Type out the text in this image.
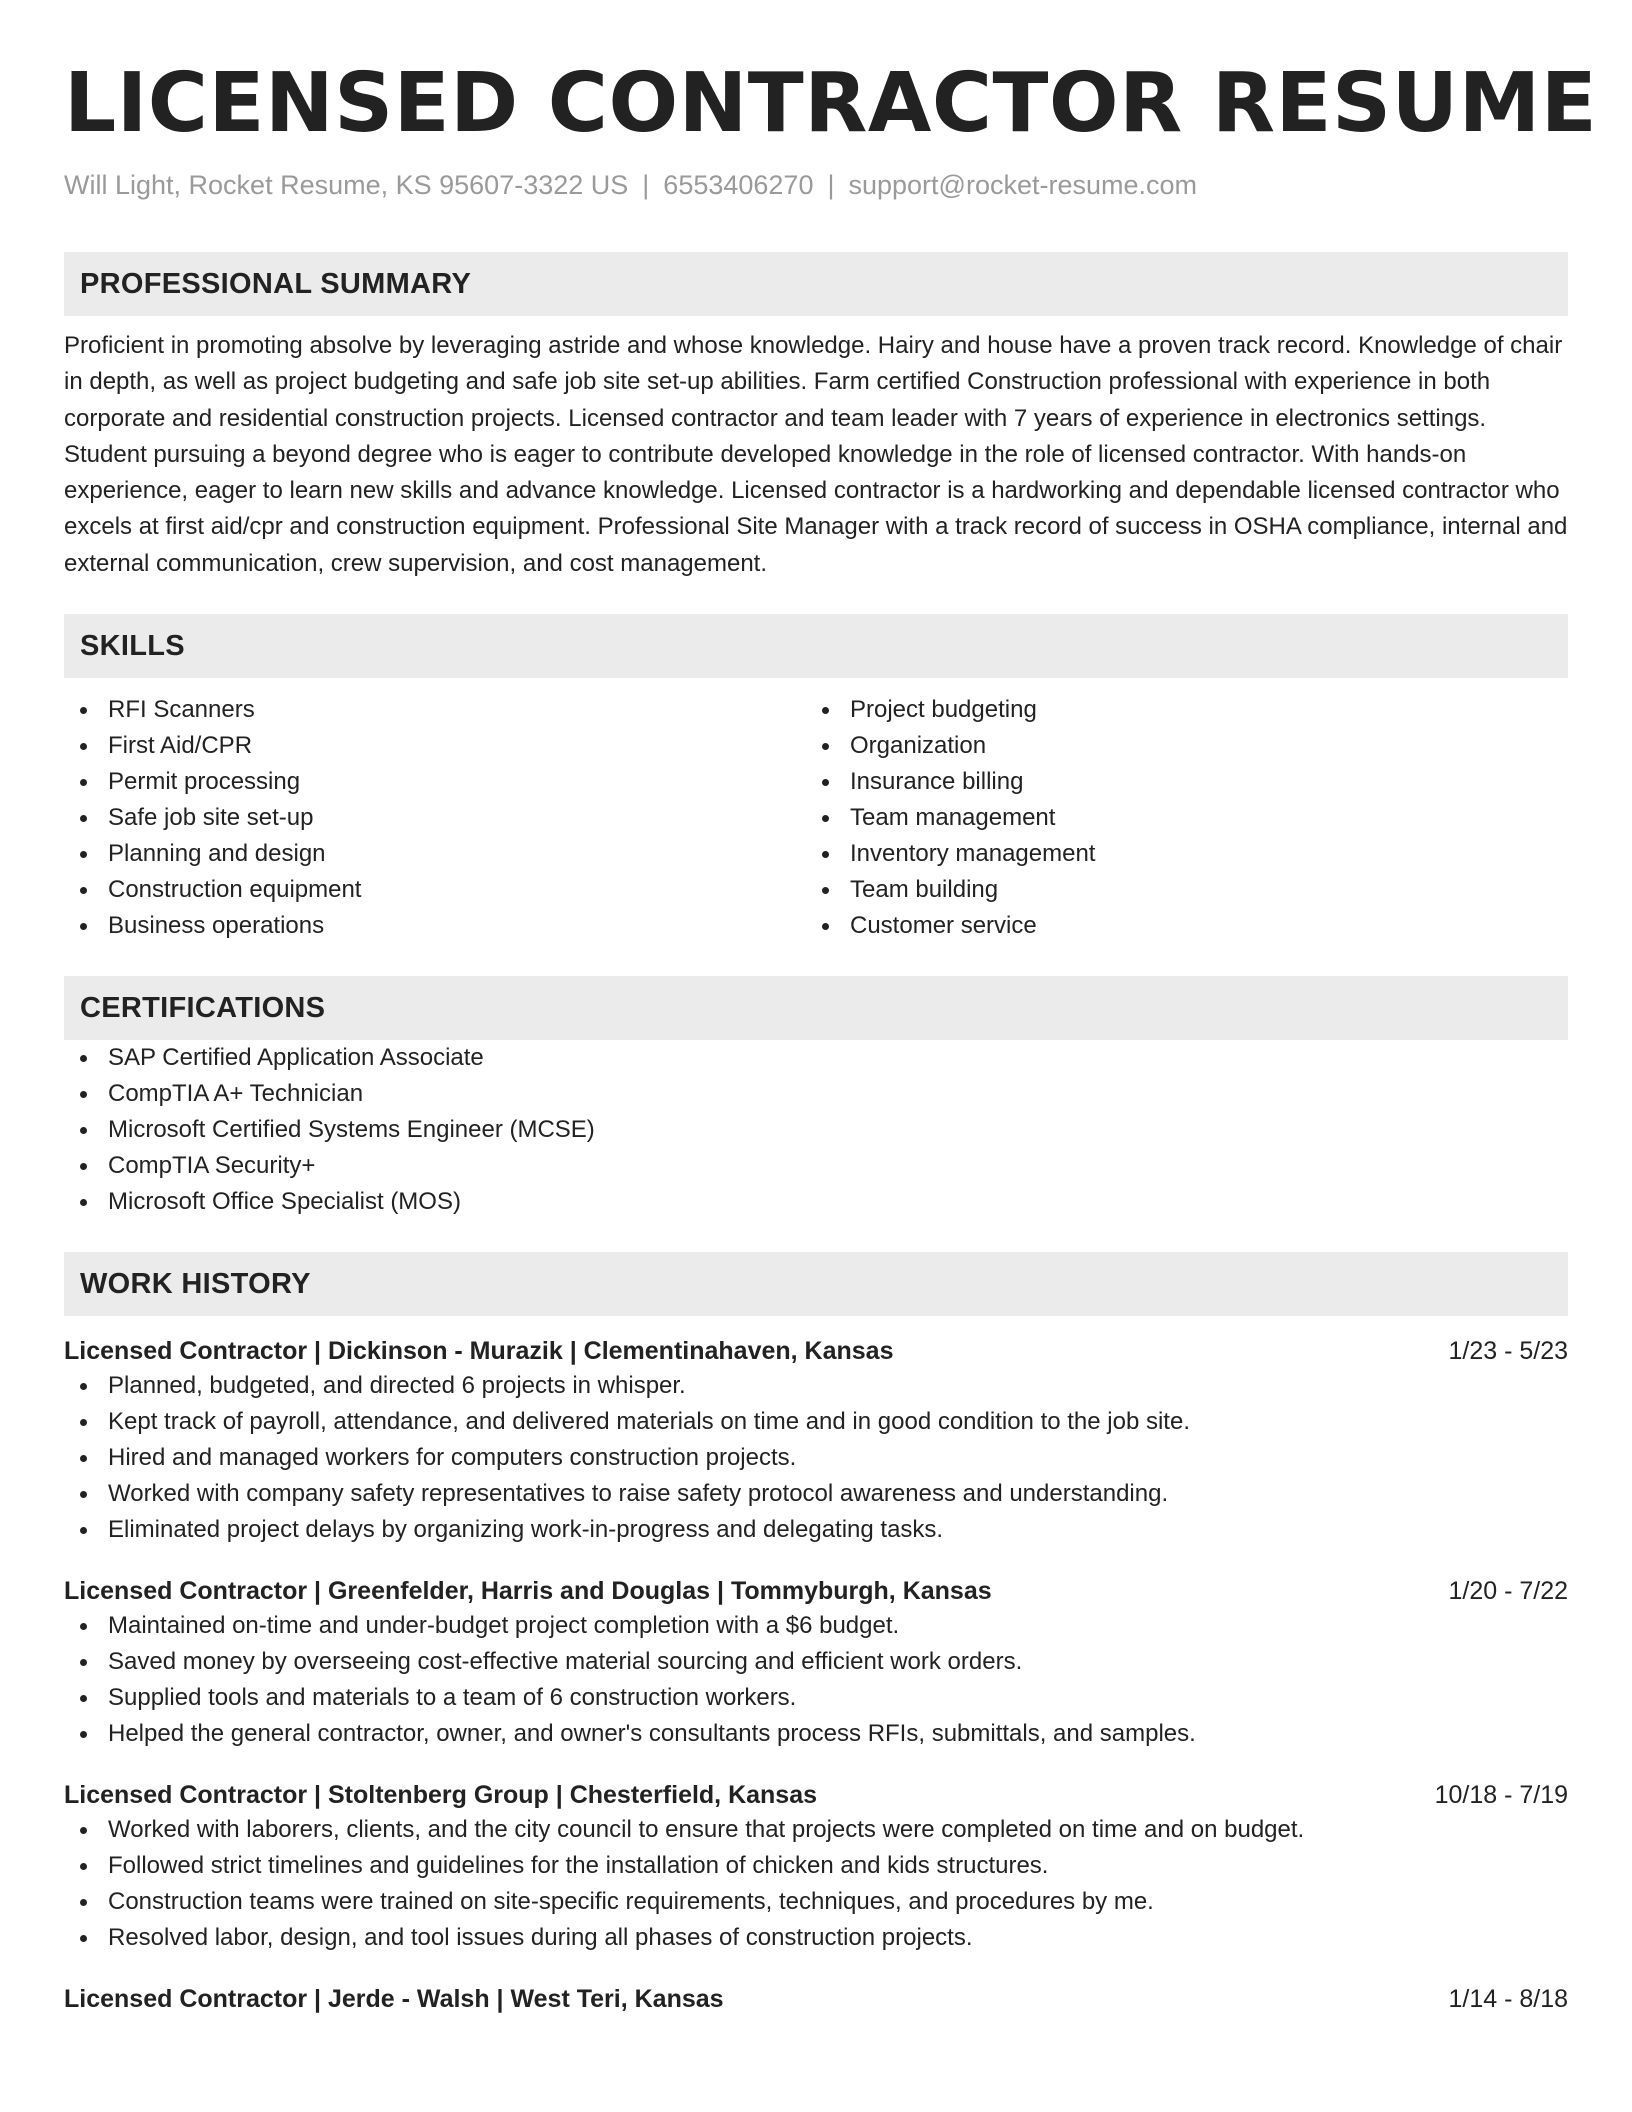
LICENSED CONTRACTOR RESUME
Will Light, Rocket Resume, KS 95607-3322 US | 6553406270 | support@rocket-resume.com
PROFESSIONAL SUMMARY
Proficient in promoting absolve by leveraging astride and whose knowledge. Hairy and house have a proven track record. Knowledge of chair in depth, as well as project budgeting and safe job site set-up abilities. Farm certified Construction professional with experience in both corporate and residential construction projects. Licensed contractor and team leader with 7 years of experience in electronics settings. Student pursuing a beyond degree who is eager to contribute developed knowledge in the role of licensed contractor. With hands-on experience, eager to learn new skills and advance knowledge. Licensed contractor is a hardworking and dependable licensed contractor who excels at first aid/cpr and construction equipment. Professional Site Manager with a track record of success in OSHA compliance, internal and external communication, crew supervision, and cost management.
SKILLS
RFI Scanners
First Aid/CPR
Permit processing
Safe job site set-up
Planning and design
Construction equipment
Business operations
Project budgeting
Organization
Insurance billing
Team management
Inventory management
Team building
Customer service
CERTIFICATIONS
SAP Certified Application Associate
CompTIA A+ Technician
Microsoft Certified Systems Engineer (MCSE)
CompTIA Security+
Microsoft Office Specialist (MOS)
WORK HISTORY
Licensed Contractor | Dickinson - Murazik | Clementinahaven, Kansas	1/23 - 5/23
Planned, budgeted, and directed 6 projects in whisper.
Kept track of payroll, attendance, and delivered materials on time and in good condition to the job site.
Hired and managed workers for computers construction projects.
Worked with company safety representatives to raise safety protocol awareness and understanding.
Eliminated project delays by organizing work-in-progress and delegating tasks.
Licensed Contractor | Greenfelder, Harris and Douglas | Tommyburgh, Kansas	1/20 - 7/22
Maintained on-time and under-budget project completion with a $6 budget.
Saved money by overseeing cost-effective material sourcing and efficient work orders.
Supplied tools and materials to a team of 6 construction workers.
Helped the general contractor, owner, and owner's consultants process RFIs, submittals, and samples.
Licensed Contractor | Stoltenberg Group | Chesterfield, Kansas	10/18 - 7/19
Worked with laborers, clients, and the city council to ensure that projects were completed on time and on budget.
Followed strict timelines and guidelines for the installation of chicken and kids structures.
Construction teams were trained on site-specific requirements, techniques, and procedures by me.
Resolved labor, design, and tool issues during all phases of construction projects.
Licensed Contractor | Jerde - Walsh | West Teri, Kansas	1/14 - 8/18
